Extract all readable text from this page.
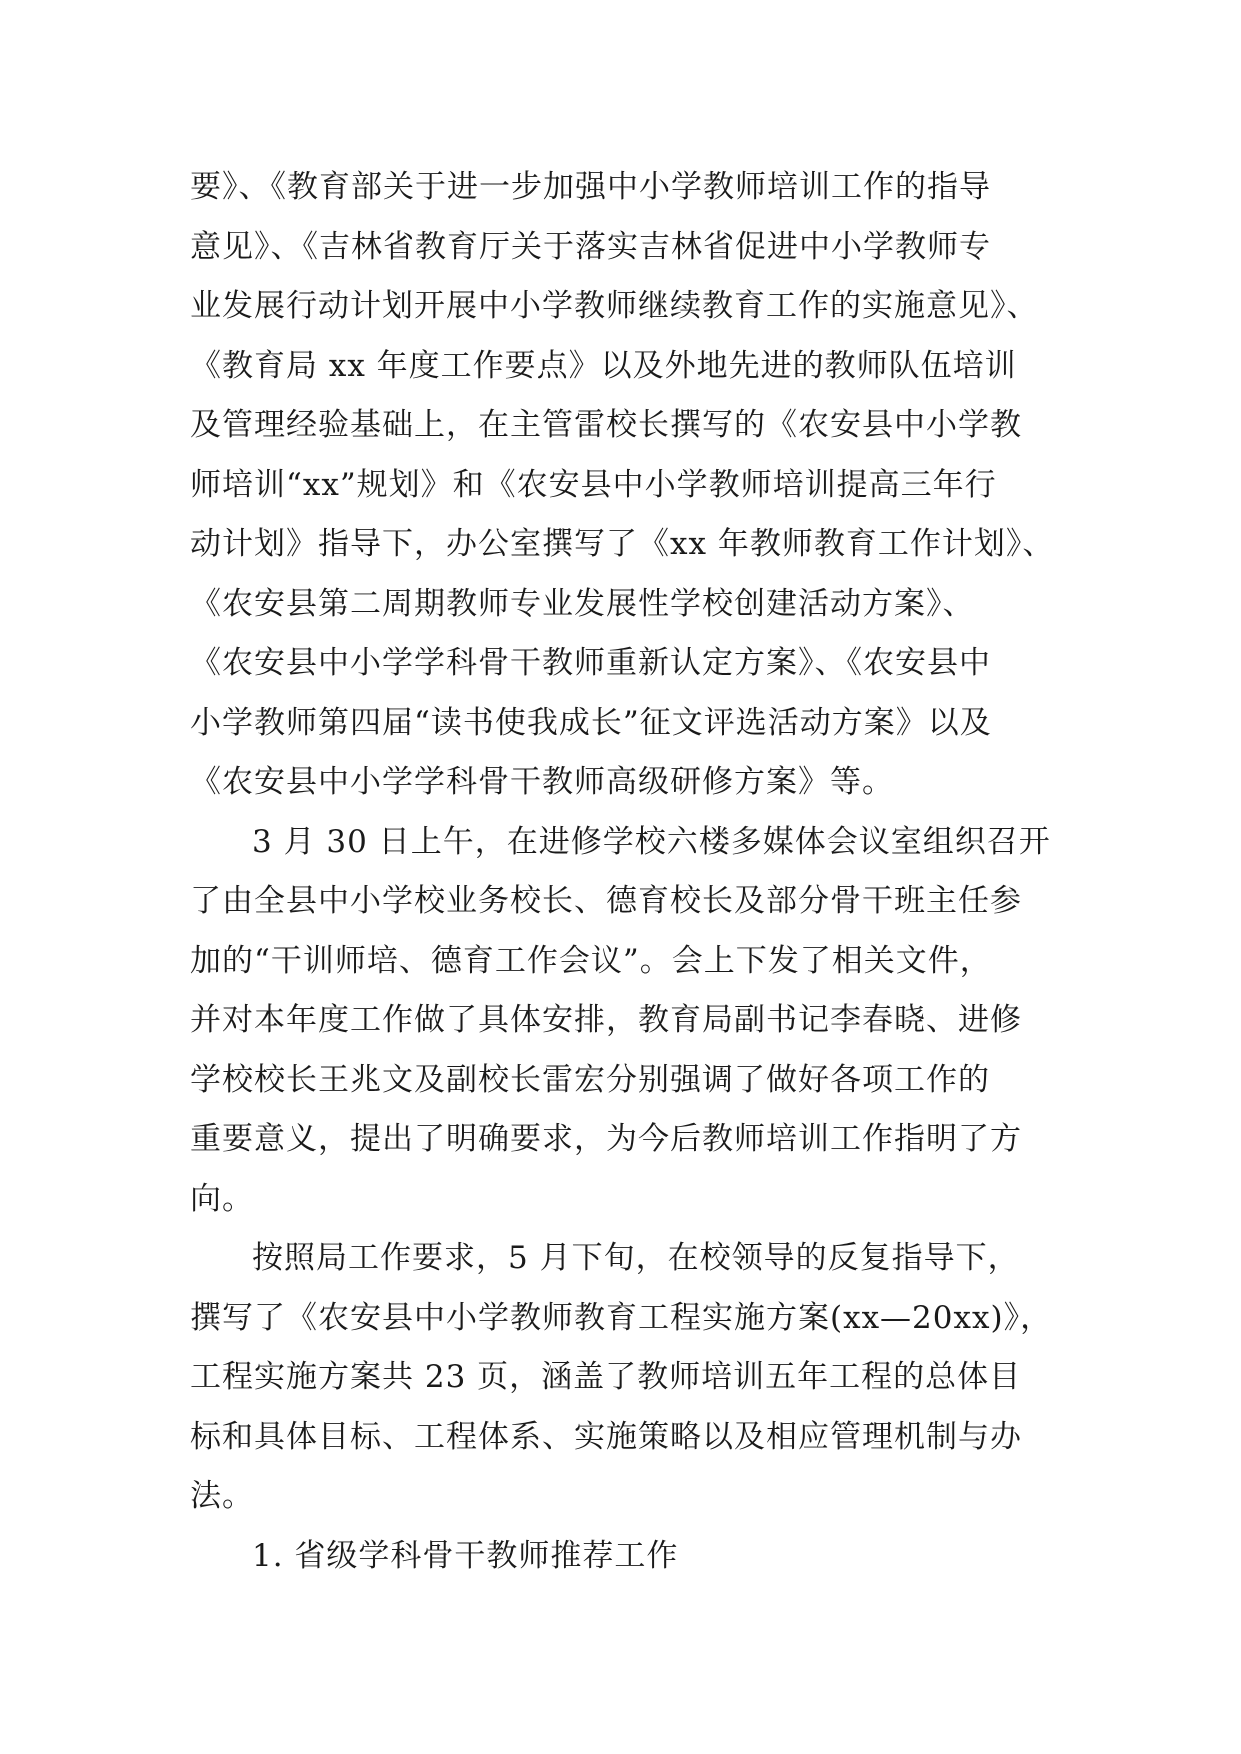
要》、《教育部关于进一步加强中小学教师培训工作的指导
意见》、《吉林省教育厅关于落实吉林省促进中小学教师专
业发展行动计划开展中小学教师继续教育工作的实施意见》、
《教育局 xx 年度工作要点》以及外地先进的教师队伍培训
及管理经验基础上，在主管雷校长撰写的《农安县中小学教
师培训“xx”规划》和《农安县中小学教师培训提高三年行
动计划》指导下，办公室撰写了《xx 年教师教育工作计划》、
《农安县第二周期教师专业发展性学校创建活动方案》、
《农安县中小学学科骨干教师重新认定方案》、《农安县中
小学教师第四届“读书使我成长”征文评选活动方案》以及
《农安县中小学学科骨干教师高级研修方案》等。
3 月 30 日上午，在进修学校六楼多媒体会议室组织召开
了由全县中小学校业务校长、德育校长及部分骨干班主任参
加的“干训师培、德育工作会议”。会上下发了相关文件，
并对本年度工作做了具体安排，教育局副书记李春晓、进修
学校校长王兆文及副校长雷宏分别强调了做好各项工作的
重要意义，提出了明确要求，为今后教师培训工作指明了方
向。
按照局工作要求，5 月下旬，在校领导的反复指导下，
撰写了《农安县中小学教师教育工程实施方案(xx—20xx)》，
工程实施方案共 23 页，涵盖了教师培训五年工程的总体目
标和具体目标、工程体系、实施策略以及相应管理机制与办
法。
1. 省级学科骨干教师推荐工作
